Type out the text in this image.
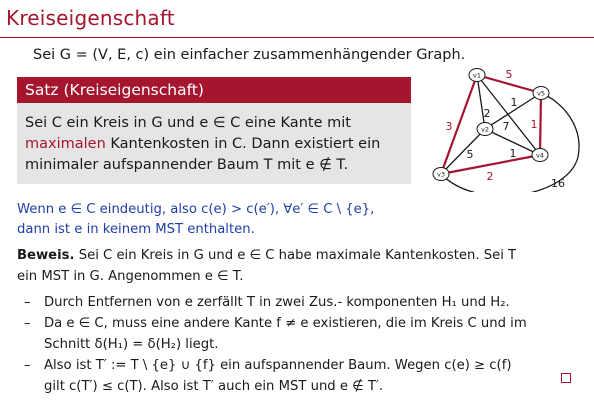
Kreiseigenschaft
Sei G = (V, E, c) ein einfacher zusammenhängender Graph.
Satz (Kreiseigenschaft)
Sei C ein Kreis in G und e ∈ C eine Kante mit
maximalen Kantenkosten in C. Dann existiert ein
minimaler aufspannender Baum T mit e ∉ T.
Wenn e ∈ C eindeutig, also c(e) > c(e′), ∀e′ ∈ C \ {e},
dann ist e in keinem MST enthalten.
Beweis. Sei C ein Kreis in G und e ∈ C habe maximale Kantenkosten. Sei T
ein MST in G. Angenommen e ∈ T.
– Durch Entfernen von e zerfällt T in zwei Zus.- komponenten H₁ und H₂.
– Da e ∈ C, muss eine andere Kante f ≠ e existieren, die im Kreis C und im
Schnitt δ(H₁) = δ(H₂) liegt.
– Also ist T′ := T \ {e} ∪ {f} ein aufspannender Baum. Wegen c(e) ≥ c(f)
gilt c(T′) ≤ c(T). Also ist T′ auch ein MST und e ∉ T′.
5
1
2
3
2
1
7
5	1
16
v1
v2
v3
v4
v5
